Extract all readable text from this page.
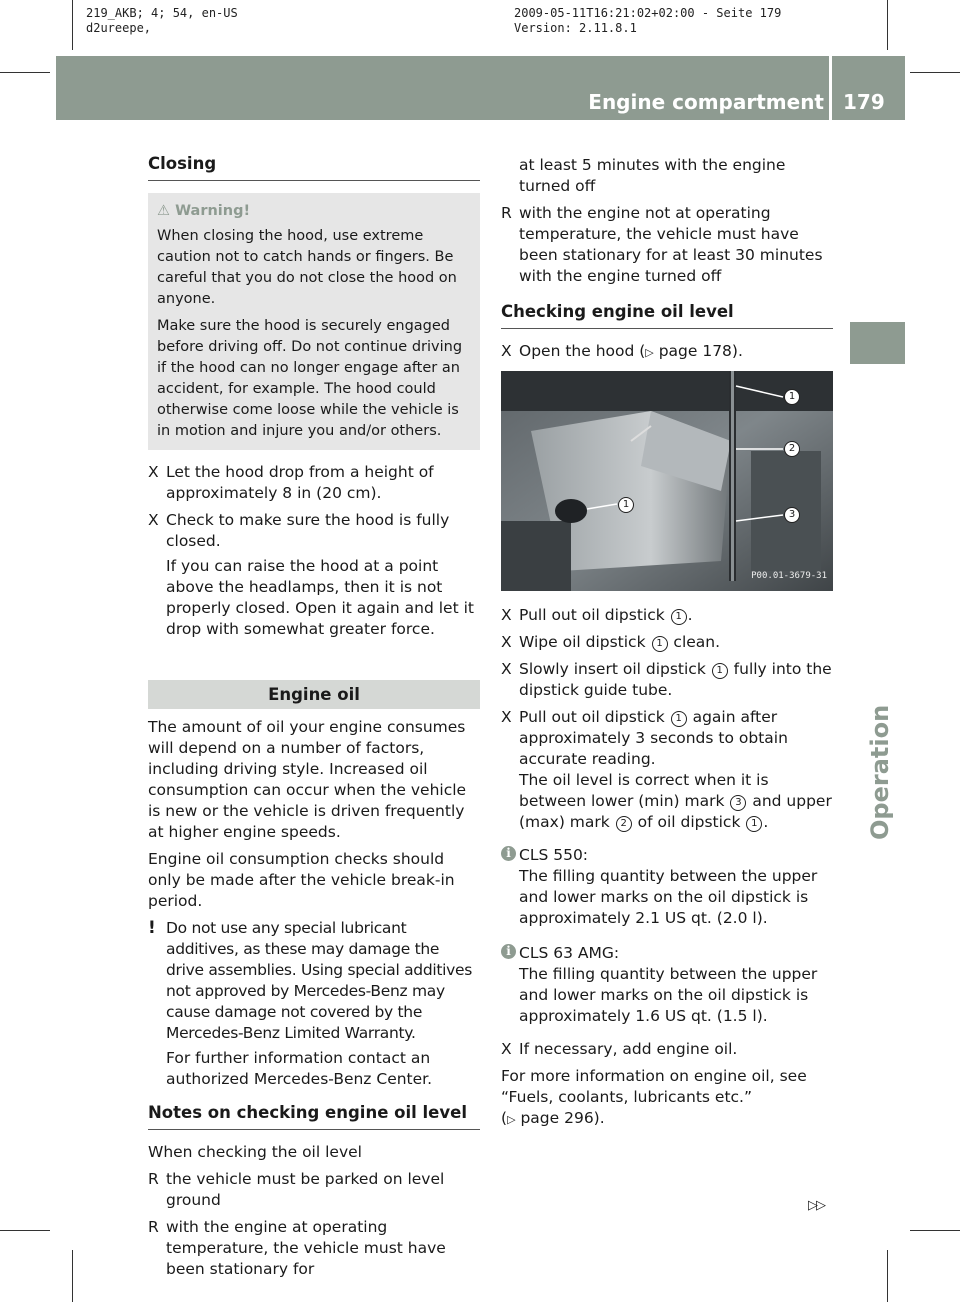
219_AKB; 4; 54, en-US
d2ureepe,
2009-05-11T16:21:02+02:00 - Seite 179
Version: 2.11.8.1
Engine compartment 179
Operation
Closing
⚠ Warning!
When closing the hood, use extreme caution not to catch hands or fingers. Be careful that you do not close the hood on anyone.
Make sure the hood is securely engaged before driving off. Do not continue driving if the hood can no longer engage after an accident, for example. The hood could otherwise come loose while the vehicle is in motion and injure you and/or others.
X Let the hood drop from a height of approximately 8 in (20 cm).
X Check to make sure the hood is fully closed.
If you can raise the hood at a point above the headlamps, then it is not properly closed. Open it again and let it drop with somewhat greater force.
Engine oil
The amount of oil your engine consumes will depend on a number of factors, including driving style. Increased oil consumption can occur when the vehicle is new or the vehicle is driven frequently at higher engine speeds.
Engine oil consumption checks should only be made after the vehicle break-in period.
! Do not use any special lubricant additives, as these may damage the drive assemblies. Using special additives not approved by Mercedes-Benz may cause damage not covered by the Mercedes-Benz Limited Warranty.
For further information contact an authorized Mercedes-Benz Center.
Notes on checking engine oil level
When checking the oil level
R the vehicle must be parked on level ground
R with the engine at operating temperature, the vehicle must have been stationary for
at least 5 minutes with the engine turned off
R with the engine not at operating temperature, the vehicle must have been stationary for at least 30 minutes with the engine turned off
Checking engine oil level
X Open the hood (▷ page 178).
1
1
2
3
P00.01-3679-31
X Pull out oil dipstick 1 .
X Wipe oil dipstick 1 clean.
X Slowly insert oil dipstick 1 fully into the dipstick guide tube.
X Pull out oil dipstick 1 again after approximately 3 seconds to obtain accurate reading.
The oil level is correct when it is between lower (min) mark 3 and upper (max) mark 2 of oil dipstick 1 .
i CLS 550:
The filling quantity between the upper and lower marks on the oil dipstick is approximately 2.1 US qt. (2.0 l).
i CLS 63 AMG:
The filling quantity between the upper and lower marks on the oil dipstick is approximately 1.6 US qt. (1.5 l).
X If necessary, add engine oil.
For more information on engine oil, see “Fuels, coolants, lubricants etc.”
(▷ page 296).
▷▷
